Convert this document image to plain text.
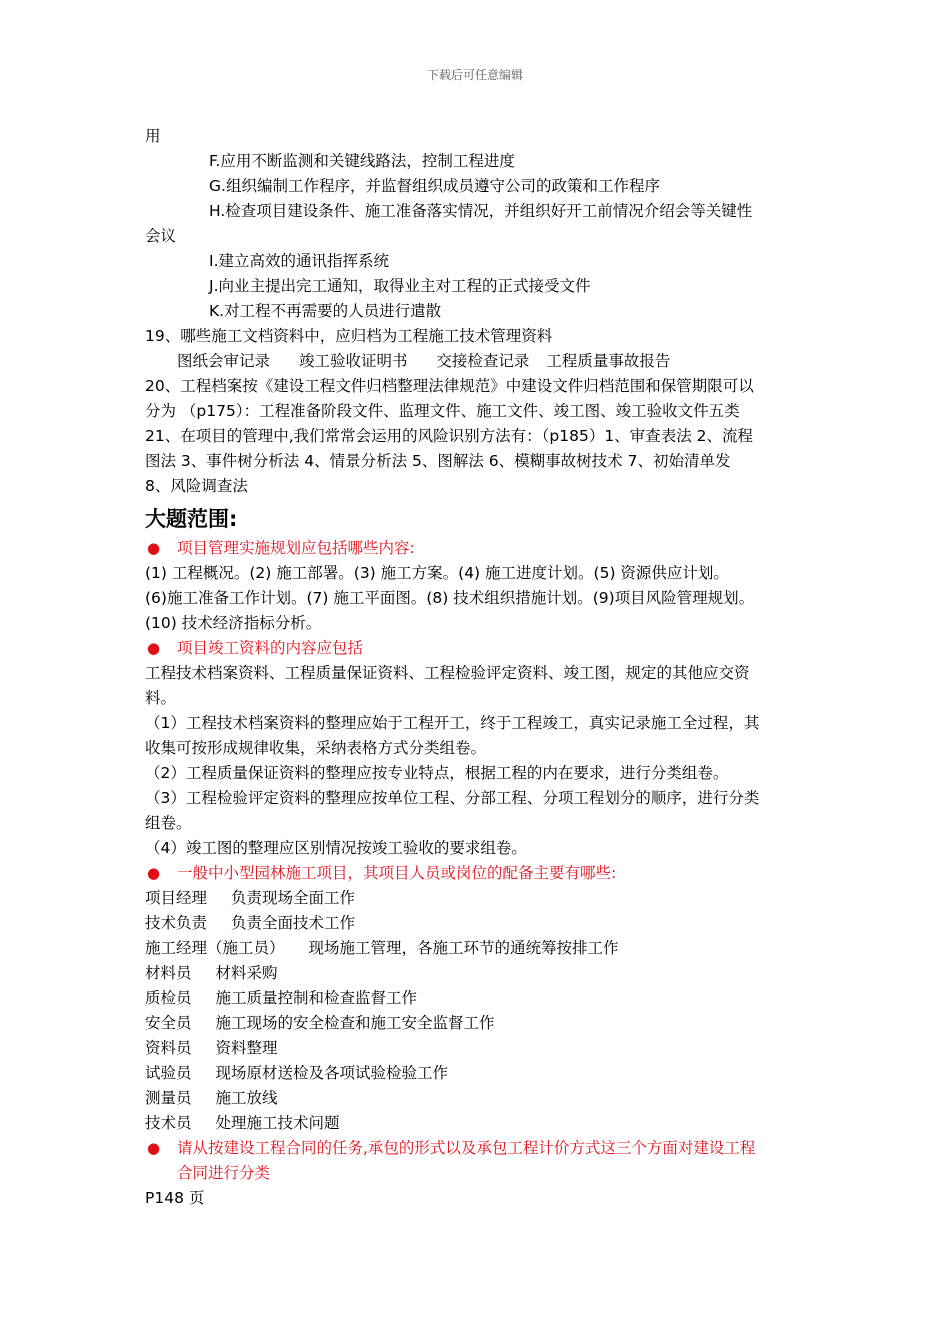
下载后可任意编辑
用
F.应用不断监测和关键线路法，控制工程进度
G.组织编制工作程序，并监督组织成员遵守公司的政策和工作程序
H.检查项目建设条件、施工准备落实情况，并组织好开工前情况介绍会等关键性
会议
I.建立高效的通讯指挥系统
J.向业主提出完工通知，取得业主对工程的正式接受文件
K.对工程不再需要的人员进行遣散
19、哪些施工文档资料中，应归档为工程施工技术管理资料
图纸会审记录 竣工验收证明书 交接检查记录 工程质量事故报告
20、工程档案按《建设工程文件归档整理法律规范》中建设文件归档范围和保管期限可以
分为 （p175）：工程准备阶段文件、监理文件、施工文件、竣工图、竣工验收文件五类
21、在项目的管理中,我们常常会运用的风险识别方法有：（p185）1、审查表法 2、流程
图法 3、事件树分析法 4、情景分析法 5、图解法 6、模糊事故树技术 7、初始清单发
8、风险调查法
大题范围:
● 项目管理实施规划应包括哪些内容:
(1) 工程概况。(2) 施工部署。(3) 施工方案。(4) 施工进度计划。(5) 资源供应计划。
(6)施工准备工作计划。(7) 施工平面图。(8) 技术组织措施计划。(9)项目风险管理规划。
(10) 技术经济指标分析。
● 项目竣工资料的内容应包括
工程技术档案资料、工程质量保证资料、工程检验评定资料、竣工图，规定的其他应交资
料。
（1）工程技术档案资料的整理应始于工程开工，终于工程竣工，真实记录施工全过程，其
收集可按形成规律收集，采纳表格方式分类组卷。
（2）工程质量保证资料的整理应按专业特点，根据工程的内在要求，进行分类组卷。
（3）工程检验评定资料的整理应按单位工程、分部工程、分项工程划分的顺序，进行分类
组卷。
（4）竣工图的整理应区别情况按竣工验收的要求组卷。
● 一般中小型园林施工项目，其项目人员或岗位的配备主要有哪些:
项目经理 负责现场全面工作
技术负责 负责全面技术工作
施工经理（施工员） 现场施工管理，各施工环节的通统筹按排工作
材料员 材料采购
质检员 施工质量控制和检查监督工作
安全员 施工现场的安全检查和施工安全监督工作
资料员 资料整理
试验员 现场原材送检及各项试验检验工作
测量员 施工放线
技术员 处理施工技术问题
● 请从按建设工程合同的任务,承包的形式以及承包工程计价方式这三个方面对建设工程
合同进行分类
P148 页
